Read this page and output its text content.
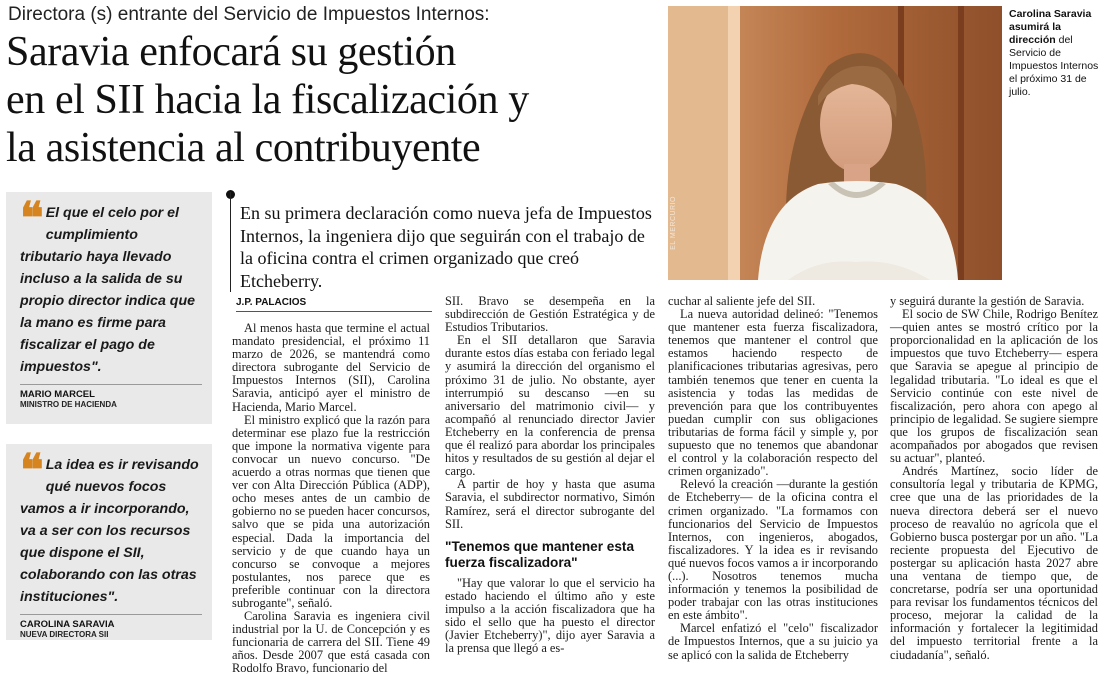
Directora (s) entrante del Servicio de Impuestos Internos:
Saravia enfocará su gestión
en el SII hacia la fiscalización y
la asistencia al contribuyente
EL MERCURIO
Carolina Saravia asumirá la dirección del Servicio de Impuestos Internos el próximo 31 de julio.
❝ El que el celo por el cumplimiento tributario haya llevado incluso a la salida de su propio director indica que la mano es firme para fiscalizar el pago de impuestos".
MARIO MARCEL
MINISTRO DE HACIENDA
❝ La idea es ir revisando qué nuevos focos vamos a ir incorporando, va a ser con los recursos que dispone el SII, colaborando con las otras instituciones".
CAROLINA SARAVIA
NUEVA DIRECTORA SII
En su primera declaración como nueva jefa de Impuestos Internos, la ingeniera dijo que seguirán con el trabajo de la oficina contra el crimen organizado que creó Etcheberry.
J.P. PALACIOS

Al menos hasta que termine el actual mandato presidencial, el próximo 11 marzo de 2026, se mantendrá como directora subrogante del Servicio de Impuestos Internos (SII), Carolina Saravia, anticipó ayer el ministro de Hacienda, Mario Marcel.

El ministro explicó que la razón para determinar ese plazo fue la restricción que impone la normativa vigente para convocar un nuevo concurso. "De acuerdo a otras normas que tienen que ver con Alta Dirección Pública (ADP), ocho meses antes de un cambio de gobierno no se pueden hacer concursos, salvo que se pida una autorización especial. Dada la importancia del servicio y de que cuando haya un concurso se convoque a mejores postulantes, nos parece que es preferible continuar con la directora subrogante", señaló.

Carolina Saravia es ingeniera civil industrial por la U. de Concepción y es funcionaria de carrera del SII. Tiene 49 años. Desde 2007 que está casada con Rodolfo Bravo, funcionario del

SII. Bravo se desempeña en la subdirección de Gestión Estratégica y de Estudios Tributarios.

En el SII detallaron que Saravia durante estos días estaba con feriado legal y asumirá la dirección del organismo el próximo 31 de julio. No obstante, ayer interrumpió su descanso —en su aniversario del matrimonio civil— y acompañó al renunciado director Javier Etcheberry en la conferencia de prensa que él realizó para abordar los principales hitos y resultados de su gestión al dejar el cargo.

A partir de hoy y hasta que asuma Saravia, el subdirector normativo, Simón Ramírez, será el director subrogante del SII.

"Tenemos que mantener esta fuerza fiscalizadora"

"Hay que valorar lo que el servicio ha estado haciendo el último año y este impulso a la acción fiscalizadora que ha sido el sello que ha puesto el director (Javier Etcheberry)", dijo ayer Saravia a la prensa que llegó a es-

cuchar al saliente jefe del SII.

La nueva autoridad delineó: "Tenemos que mantener esta fuerza fiscalizadora, tenemos que mantener el control que estamos haciendo respecto de planificaciones tributarias agresivas, pero también tenemos que tener en cuenta la asistencia y todas las medidas de prevención para que los contribuyentes puedan cumplir con sus obligaciones tributarias de forma fácil y simple y, por supuesto que no tenemos que abandonar el control y la colaboración respecto del crimen organizado".

Relevó la creación —durante la gestión de Etcheberry— de la oficina contra el crimen organizado. "La formamos con funcionarios del Servicio de Impuestos Internos, con ingenieros, abogados, fiscalizadores. Y la idea es ir revisando qué nuevos focos vamos a ir incorporando (...). Nosotros tenemos mucha información y tenemos la posibilidad de poder trabajar con las otras instituciones en este ámbito".

Marcel enfatizó el "celo" fiscalizador de Impuestos Internos, que a su juicio ya se aplicó con la salida de Etcheberry

y seguirá durante la gestión de Saravia.

El socio de SW Chile, Rodrigo Benítez —quien antes se mostró crítico por la proporcionalidad en la aplicación de los impuestos que tuvo Etcheberry— espera que Saravia se apegue al principio de legalidad tributaria. "Lo ideal es que el Servicio continúe con este nivel de fiscalización, pero ahora con apego al principio de legalidad. Se sugiere siempre que los grupos de fiscalización sean acompañados por abogados que revisen su actuar", planteó.

Andrés Martínez, socio líder de consultoría legal y tributaria de KPMG, cree que una de las prioridades de la nueva directora deberá ser el nuevo proceso de reavalúo no agrícola que el Gobierno busca postergar por un año. "La reciente propuesta del Ejecutivo de postergar su aplicación hasta 2027 abre una ventana de tiempo que, de concretarse, podría ser una oportunidad para revisar los fundamentos técnicos del proceso, mejorar la calidad de la información y fortalecer la legitimidad del impuesto territorial frente a la ciudadanía", señaló.
